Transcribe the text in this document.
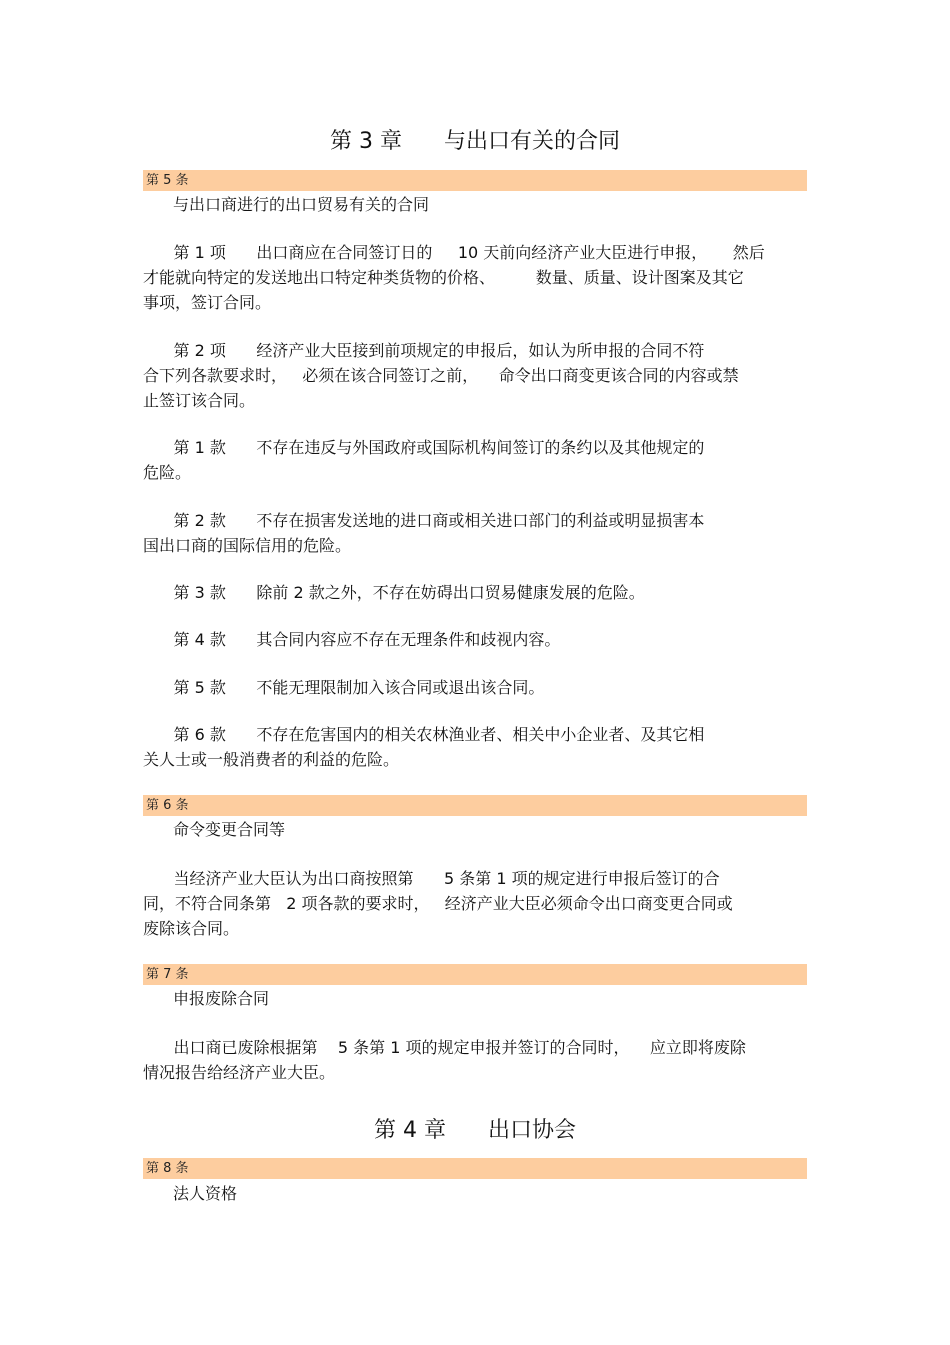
第 3 章      与出口有关的合同
第 5 条
与出口商进行的出口贸易有关的合同
第 1 项      出口商应在合同签订日的     10 天前向经济产业大臣进行申报，     然后
才能就向特定的发送地出口特定种类货物的价格、        数量、质量、设计图案及其它
事项，签订合同。
第 2 项      经济产业大臣接到前项规定的申报后，如认为所申报的合同不符
合下列各款要求时，   必须在该合同签订之前，    命令出口商变更该合同的内容或禁
止签订该合同。
第 1 款      不存在违反与外国政府或国际机构间签订的条约以及其他规定的
危险。
第 2 款      不存在损害发送地的进口商或相关进口部门的利益或明显损害本
国出口商的国际信用的危险。
第 3 款      除前 2 款之外，不存在妨碍出口贸易健康发展的危险。
第 4 款      其合同内容应不存在无理条件和歧视内容。
第 5 款      不能无理限制加入该合同或退出该合同。
第 6 款      不存在危害国内的相关农林渔业者、相关中小企业者、及其它相
关人士或一般消费者的利益的危险。
第 6 条
命令变更合同等
当经济产业大臣认为出口商按照第      5 条第 1 项的规定进行申报后签订的合
同，不符合同条第   2 项各款的要求时，   经济产业大臣必须命令出口商变更合同或
废除该合同。
第 7 条
申报废除合同
出口商已废除根据第    5 条第 1 项的规定申报并签订的合同时，    应立即将废除
情况报告给经济产业大臣。
第 4 章      出口协会
第 8 条
法人资格
